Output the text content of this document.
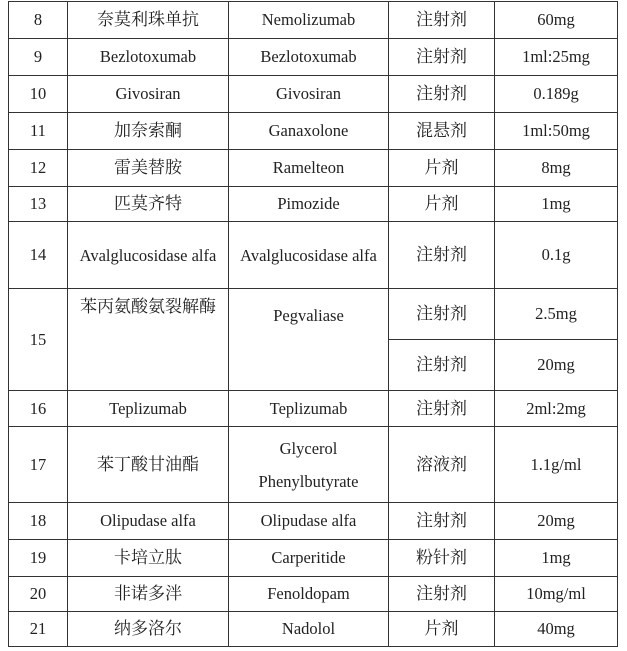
8	奈莫利珠单抗	Nemolizumab	注射剂	60mg
9	Bezlotoxumab	Bezlotoxumab	注射剂	1ml:25mg
10	Givosiran	Givosiran	注射剂	0.189g
11	加奈索酮	Ganaxolone	混悬剂	1ml:50mg
12	雷美替胺	Ramelteon	片剂	8mg
13	匹莫齐特	Pimozide	片剂	1mg
14	Avalglucosidase alfa	Avalglucosidase alfa	注射剂	0.1g
15	苯丙氨酸氨裂解酶	Pegvaliase	注射剂	2.5mg
			注射剂	20mg
16	Teplizumab	Teplizumab	注射剂	2ml:2mg
17	苯丁酸甘油酯	Glycerol Phenylbutyrate	溶液剂	1.1g/ml
18	Olipudase alfa	Olipudase alfa	注射剂	20mg
19	卡培立肽	Carperitide	粉针剂	1mg
20	非诺多泮	Fenoldopam	注射剂	10mg/ml
21	纳多洛尔	Nadolol	片剂	40mg
